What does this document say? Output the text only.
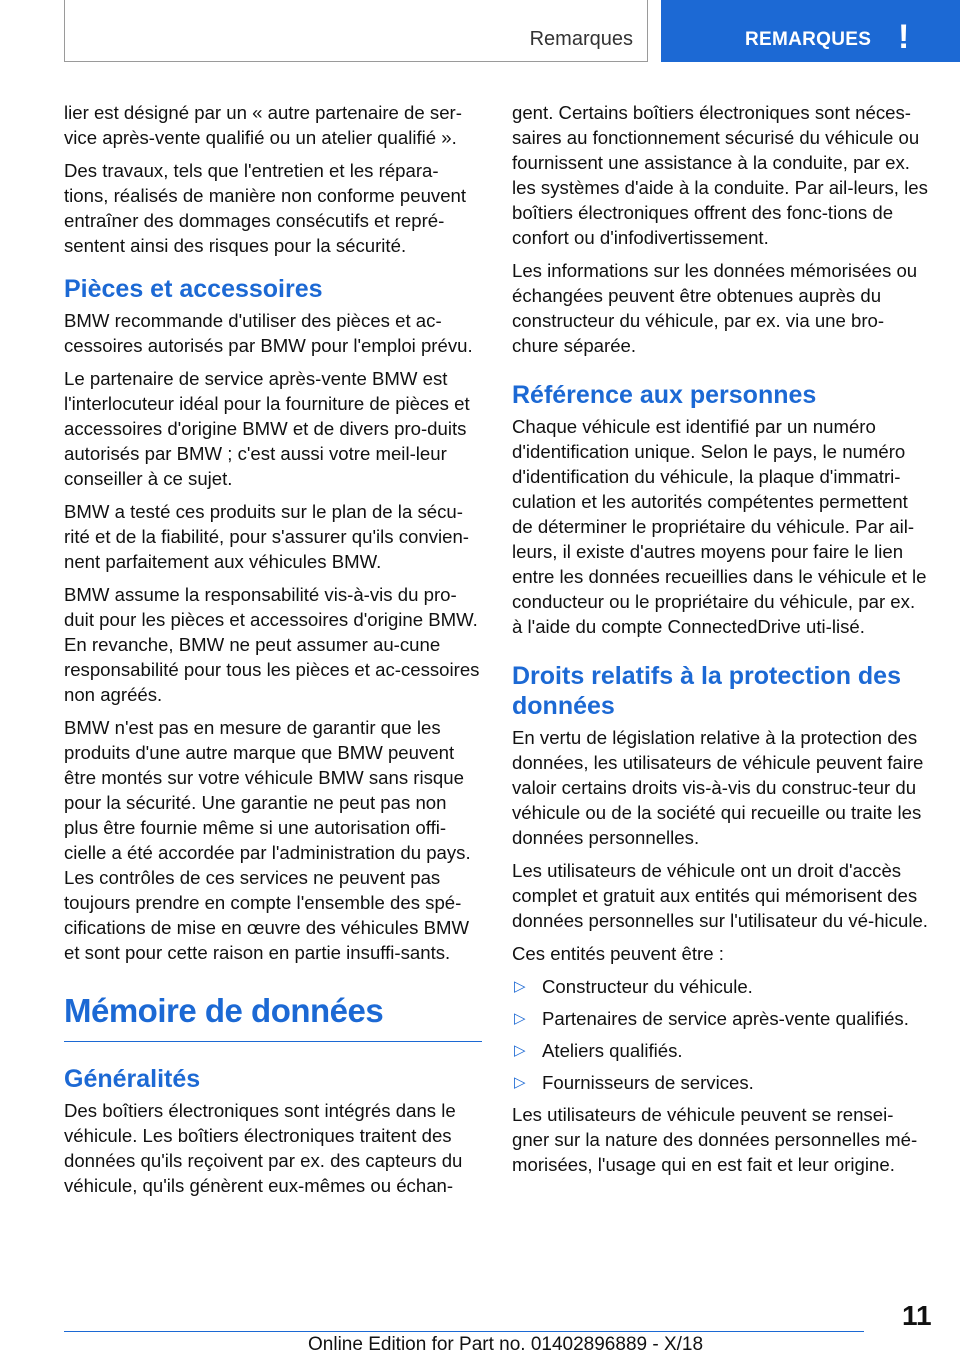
Remarques	REMARQUES !

lier est désigné par un « autre partenaire de ser-vice après-vente qualifié ou un atelier qualifié ».

Des travaux, tels que l'entretien et les répara-tions, réalisés de manière non conforme peuvent entraîner des dommages consécutifs et repré-sentent ainsi des risques pour la sécurité.

Pièces et accessoires

BMW recommande d'utiliser des pièces et ac-cessoires autorisés par BMW pour l'emploi prévu.

Le partenaire de service après-vente BMW est l'interlocuteur idéal pour la fourniture de pièces et accessoires d'origine BMW et de divers pro-duits autorisés par BMW ; c'est aussi votre meil-leur conseiller à ce sujet.

BMW a testé ces produits sur le plan de la sécu-rité et de la fiabilité, pour s'assurer qu'ils convien-nent parfaitement aux véhicules BMW.

BMW assume la responsabilité vis-à-vis du pro-duit pour les pièces et accessoires d'origine BMW. En revanche, BMW ne peut assumer au-cune responsabilité pour tous les pièces et ac-cessoires non agréés.

BMW n'est pas en mesure de garantir que les produits d'une autre marque que BMW peuvent être montés sur votre véhicule BMW sans risque pour la sécurité. Une garantie ne peut pas non plus être fournie même si une autorisation offi-cielle a été accordée par l'administration du pays. Les contrôles de ces services ne peuvent pas toujours prendre en compte l'ensemble des spé-cifications de mise en œuvre des véhicules BMW et sont pour cette raison en partie insuffi-sants.

Mémoire de données
Généralités

Des boîtiers électroniques sont intégrés dans le véhicule. Les boîtiers électroniques traitent des données qu'ils reçoivent par ex. des capteurs du véhicule, qu'ils génèrent eux-mêmes ou échan-

gent. Certains boîtiers électroniques sont néces-saires au fonctionnement sécurisé du véhicule ou fournissent une assistance à la conduite, par ex. les systèmes d'aide à la conduite. Par ail-leurs, les boîtiers électroniques offrent des fonc-tions de confort ou d'infodivertissement.

Les informations sur les données mémorisées ou échangées peuvent être obtenues auprès du constructeur du véhicule, par ex. via une bro-chure séparée.

Référence aux personnes

Chaque véhicule est identifié par un numéro d'identification unique. Selon le pays, le numéro d'identification du véhicule, la plaque d'immatri-culation et les autorités compétentes permettent de déterminer le propriétaire du véhicule. Par ail-leurs, il existe d'autres moyens pour faire le lien entre les données recueillies dans le véhicule et le conducteur ou le propriétaire du véhicule, par ex. à l'aide du compte ConnectedDrive uti-lisé.

Droits relatifs à la protection des données

En vertu de législation relative à la protection des données, les utilisateurs de véhicule peuvent faire valoir certains droits vis-à-vis du construc-teur du véhicule ou de la société qui recueille ou traite les données personnelles.

Les utilisateurs de véhicule ont un droit d'accès complet et gratuit aux entités qui mémorisent des données personnelles sur l'utilisateur du vé-hicule.

Ces entités peuvent être :

▷ Constructeur du véhicule.
▷ Partenaires de service après-vente qualifiés.
▷ Ateliers qualifiés.
▷ Fournisseurs de services.

Les utilisateurs de véhicule peuvent se rensei-gner sur la nature des données personnelles mé-morisées, l'usage qui en est fait et leur origine.

11
Online Edition for Part no. 01402896889 - X/18
